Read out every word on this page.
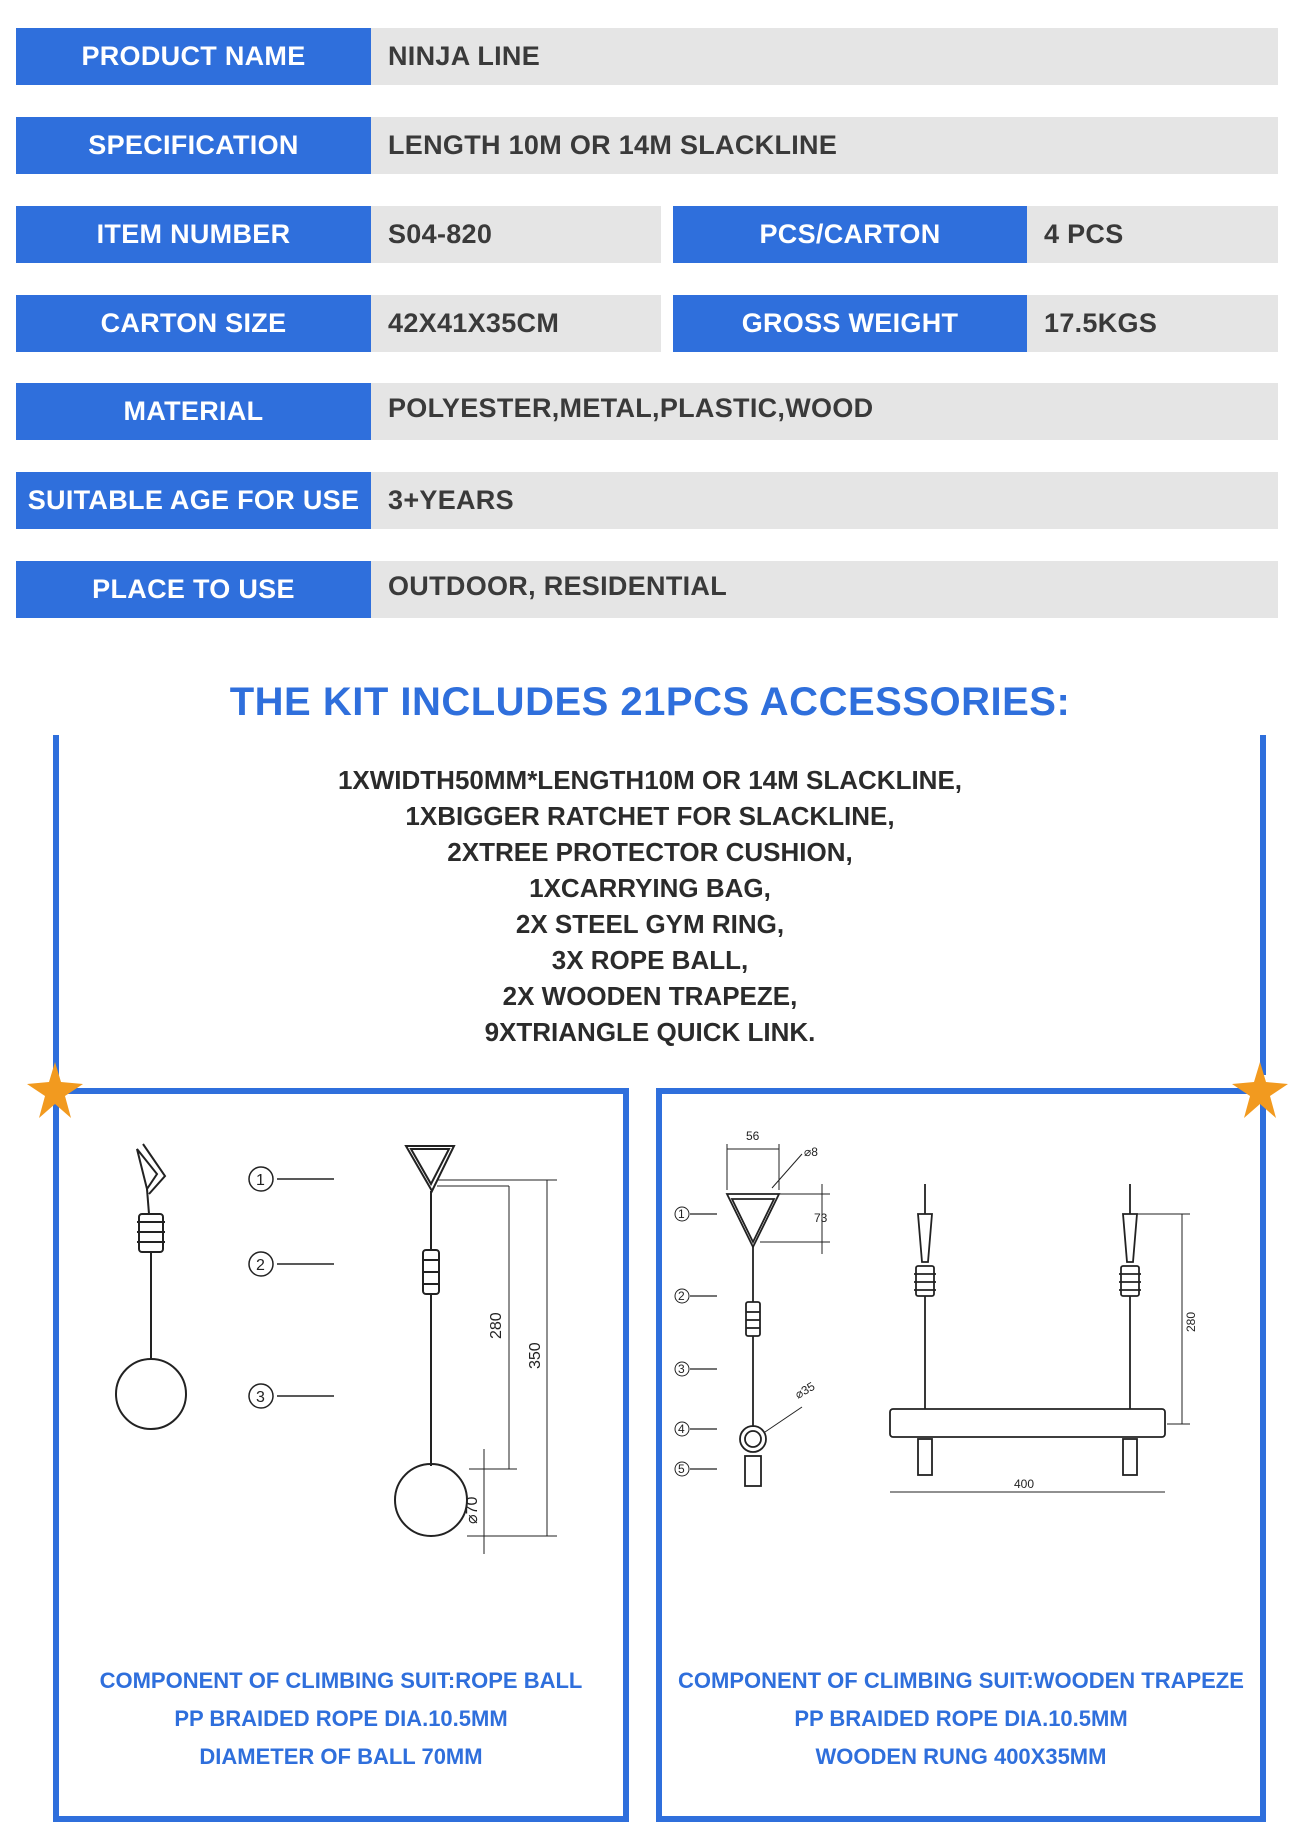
PRODUCT NAME	NINJA LINE
SPECIFICATION	LENGTH 10M OR 14M SLACKLINE
ITEM NUMBER	S04-820	PCS/CARTON	4 PCS
CARTON SIZE	42X41X35CM	GROSS WEIGHT	17.5KGS
MATERIAL	POLYESTER,METAL,PLASTIC,WOOD
SUITABLE AGE FOR USE	3+YEARS
PLACE TO USE	OUTDOOR, RESIDENTIAL
THE KIT INCLUDES 21PCS ACCESSORIES:
1XWIDTH50MM*LENGTH10M OR 14M SLACKLINE,
1XBIGGER RATCHET FOR SLACKLINE,
2XTREE PROTECTOR CUSHION,
1XCARRYING BAG,
2X STEEL GYM RING,
3X ROPE BALL,
2X WOODEN TRAPEZE,
9XTRIANGLE QUICK LINK.
1
2
3
280
350
⌀70
COMPONENT OF CLIMBING SUIT:ROPE BALL
PP BRAIDED ROPE DIA.10.5MM
DIAMETER OF BALL 70MM
1
2
3
4
5
56
⌀8
73
⌀35
280
400
COMPONENT OF CLIMBING SUIT:WOODEN TRAPEZE
PP BRAIDED ROPE DIA.10.5MM
WOODEN RUNG 400X35MM
